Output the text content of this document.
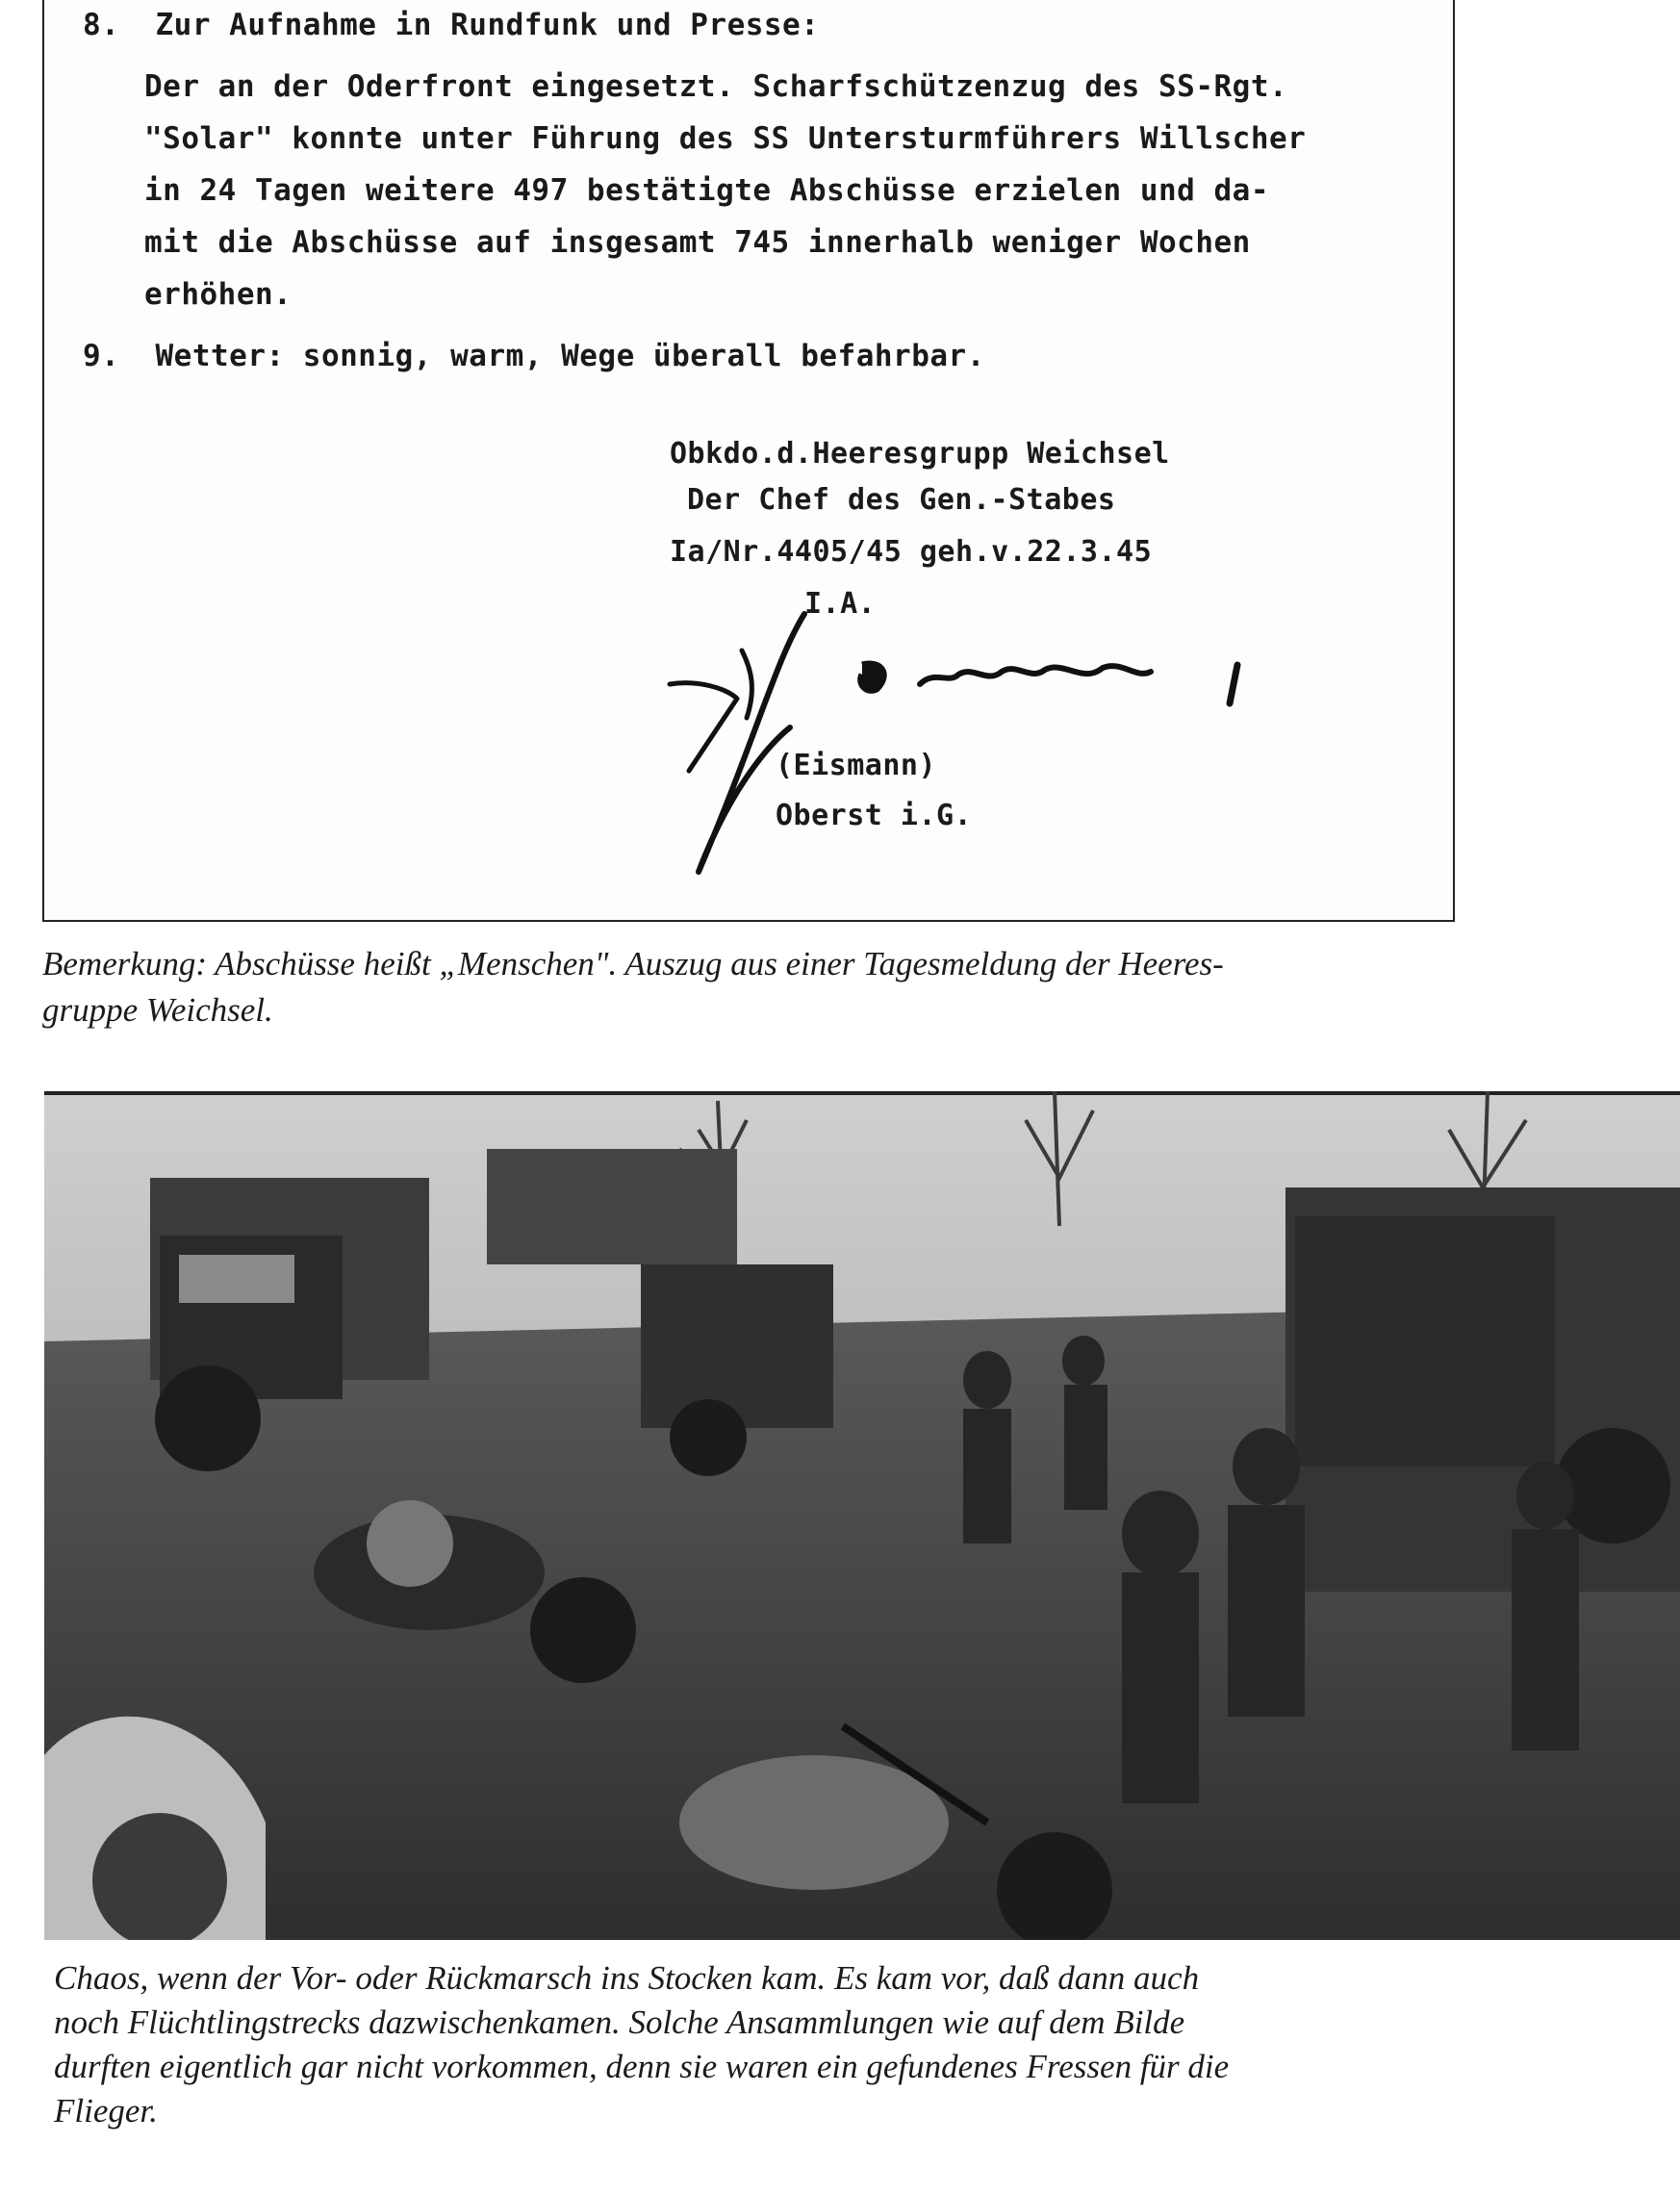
8. Zur Aufnahme in Rundfunk und Presse:
Der an der Oderfront eingesetzt. Scharfschützenzug des SS-Rgt.
"Solar" konnte unter Führung des SS Untersturmführers Willscher
in 24 Tagen weitere 497 bestätigte Abschüsse erzielen und da-
mit die Abschüsse auf insgesamt 745 innerhalb weniger Wochen
erhöhen.
9. Wetter: sonnig, warm, Wege überall befahrbar.
Obkdo.d.Heeresgrupp Weichsel
Der Chef des Gen.-Stabes
Ia/Nr.4405/45 geh.v.22.3.45
I.A.
(Eismann)
Oberst i.G.
Bemerkung: Abschüsse heißt „Menschen". Auszug aus einer Tagesmeldung der Heeres-
gruppe Weichsel.
Chaos, wenn der Vor- oder Rückmarsch ins Stocken kam. Es kam vor, daß dann auch
noch Flüchtlingstrecks dazwischenkamen. Solche Ansammlungen wie auf dem Bilde
durften eigentlich gar nicht vorkommen, denn sie waren ein gefundenes Fressen für die
Flieger.
